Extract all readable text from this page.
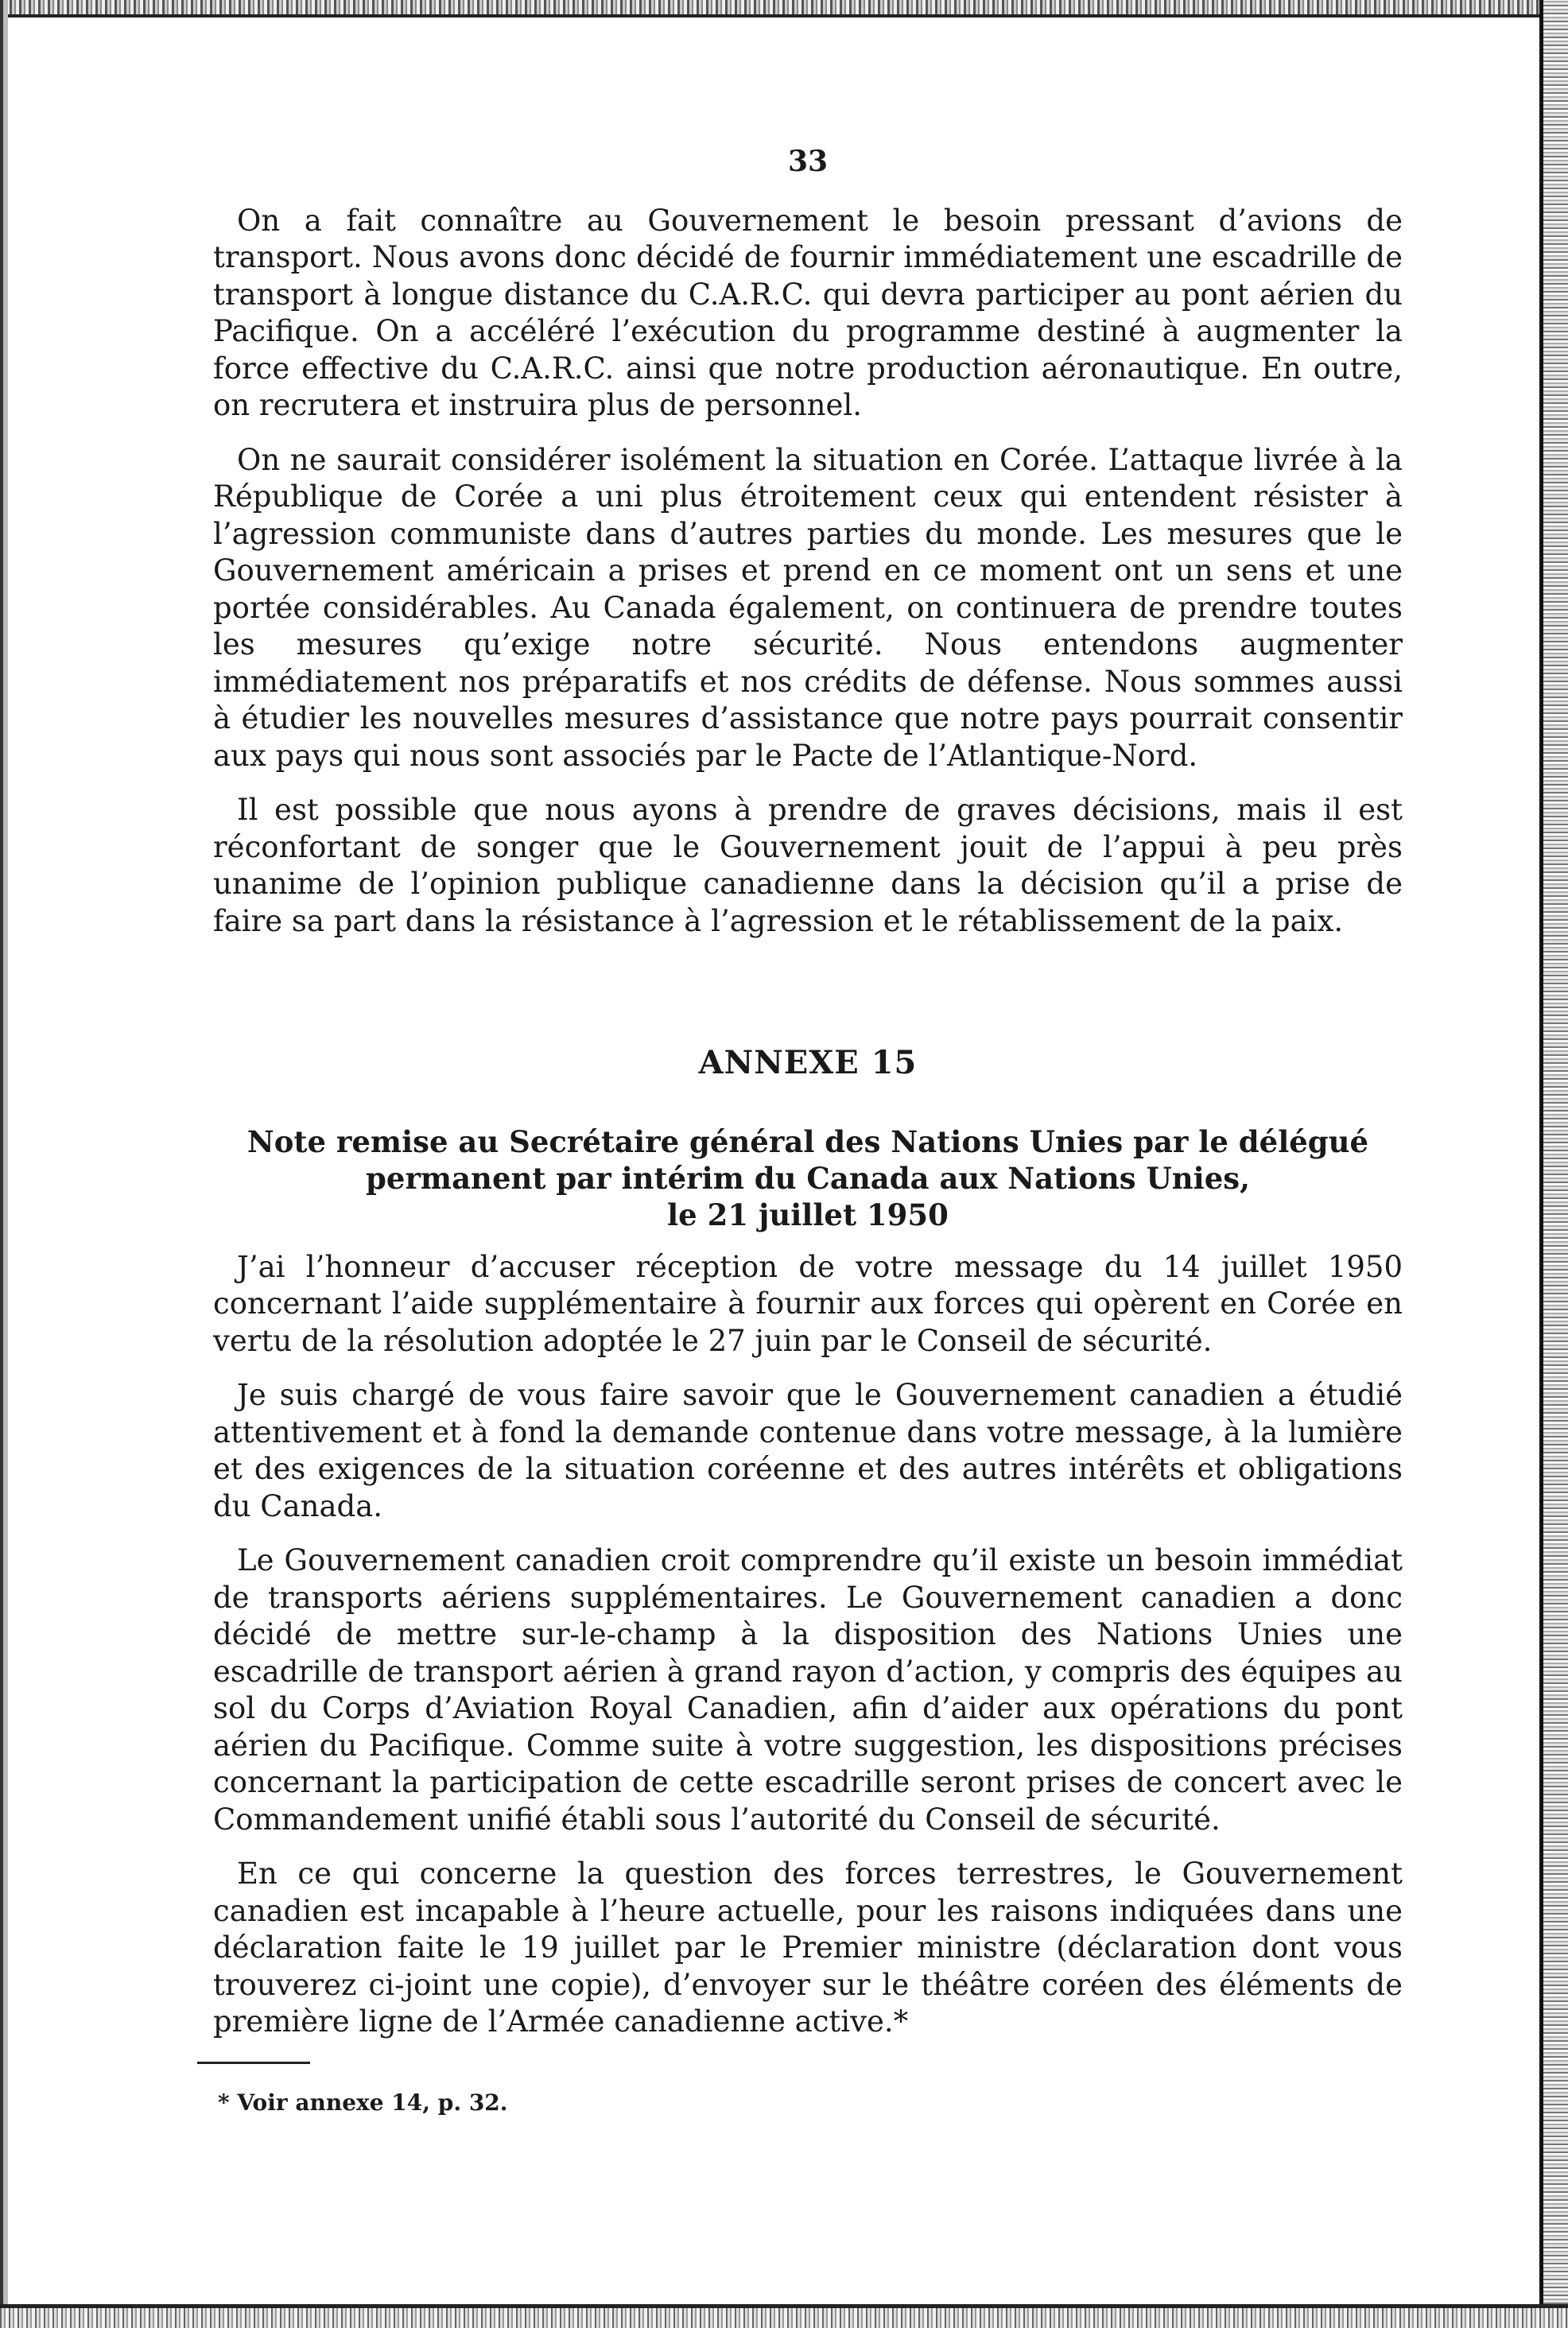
33

On a fait connaître au Gouvernement le besoin pressant d’avions de transport. Nous avons donc décidé de fournir immédiatement une escadrille de transport à longue distance du C.A.R.C. qui devra participer au pont aérien du Pacifique. On a accéléré l’exécution du programme destiné à augmenter la force effective du C.A.R.C. ainsi que notre production aéronautique. En outre, on recrutera et instruira plus de personnel.

On ne saurait considérer isolément la situation en Corée. L’attaque livrée à la République de Corée a uni plus étroitement ceux qui entendent résister à l’agression communiste dans d’autres parties du monde. Les mesures que le Gouvernement américain a prises et prend en ce moment ont un sens et une portée considérables. Au Canada également, on continuera de prendre toutes les mesures qu’exige notre sécurité. Nous entendons augmenter immédiatement nos préparatifs et nos crédits de défense. Nous sommes aussi à étudier les nouvelles mesures d’assistance que notre pays pourrait consentir aux pays qui nous sont associés par le Pacte de l’Atlantique-Nord.

Il est possible que nous ayons à prendre de graves décisions, mais il est réconfortant de songer que le Gouvernement jouit de l’appui à peu près unanime de l’opinion publique canadienne dans la décision qu’il a prise de faire sa part dans la résistance à l’agression et le rétablissement de la paix.

ANNEXE 15
Note remise au Secrétaire général des Nations Unies par le délégué
permanent par intérim du Canada aux Nations Unies,
le 21 juillet 1950

J’ai l’honneur d’accuser réception de votre message du 14 juillet 1950 concernant l’aide supplémentaire à fournir aux forces qui opèrent en Corée en vertu de la résolution adoptée le 27 juin par le Conseil de sécurité.

Je suis chargé de vous faire savoir que le Gouvernement canadien a étudié attentivement et à fond la demande contenue dans votre message, à la lumière et des exigences de la situation coréenne et des autres intérêts et obligations du Canada.

Le Gouvernement canadien croit comprendre qu’il existe un besoin immédiat de transports aériens supplémentaires. Le Gouvernement canadien a donc décidé de mettre sur-le-champ à la disposition des Nations Unies une escadrille de transport aérien à grand rayon d’action, y compris des équipes au sol du Corps d’Aviation Royal Canadien, afin d’aider aux opérations du pont aérien du Pacifique. Comme suite à votre suggestion, les dispositions précises concernant la participation de cette escadrille seront prises de concert avec le Commandement unifié établi sous l’autorité du Conseil de sécurité.

En ce qui concerne la question des forces terrestres, le Gouvernement canadien est incapable à l’heure actuelle, pour les raisons indiquées dans une déclaration faite le 19 juillet par le Premier ministre (déclaration dont vous trouverez ci-joint une copie), d’envoyer sur le théâtre coréen des éléments de première ligne de l’Armée canadienne active.*

* Voir annexe 14, p. 32.
